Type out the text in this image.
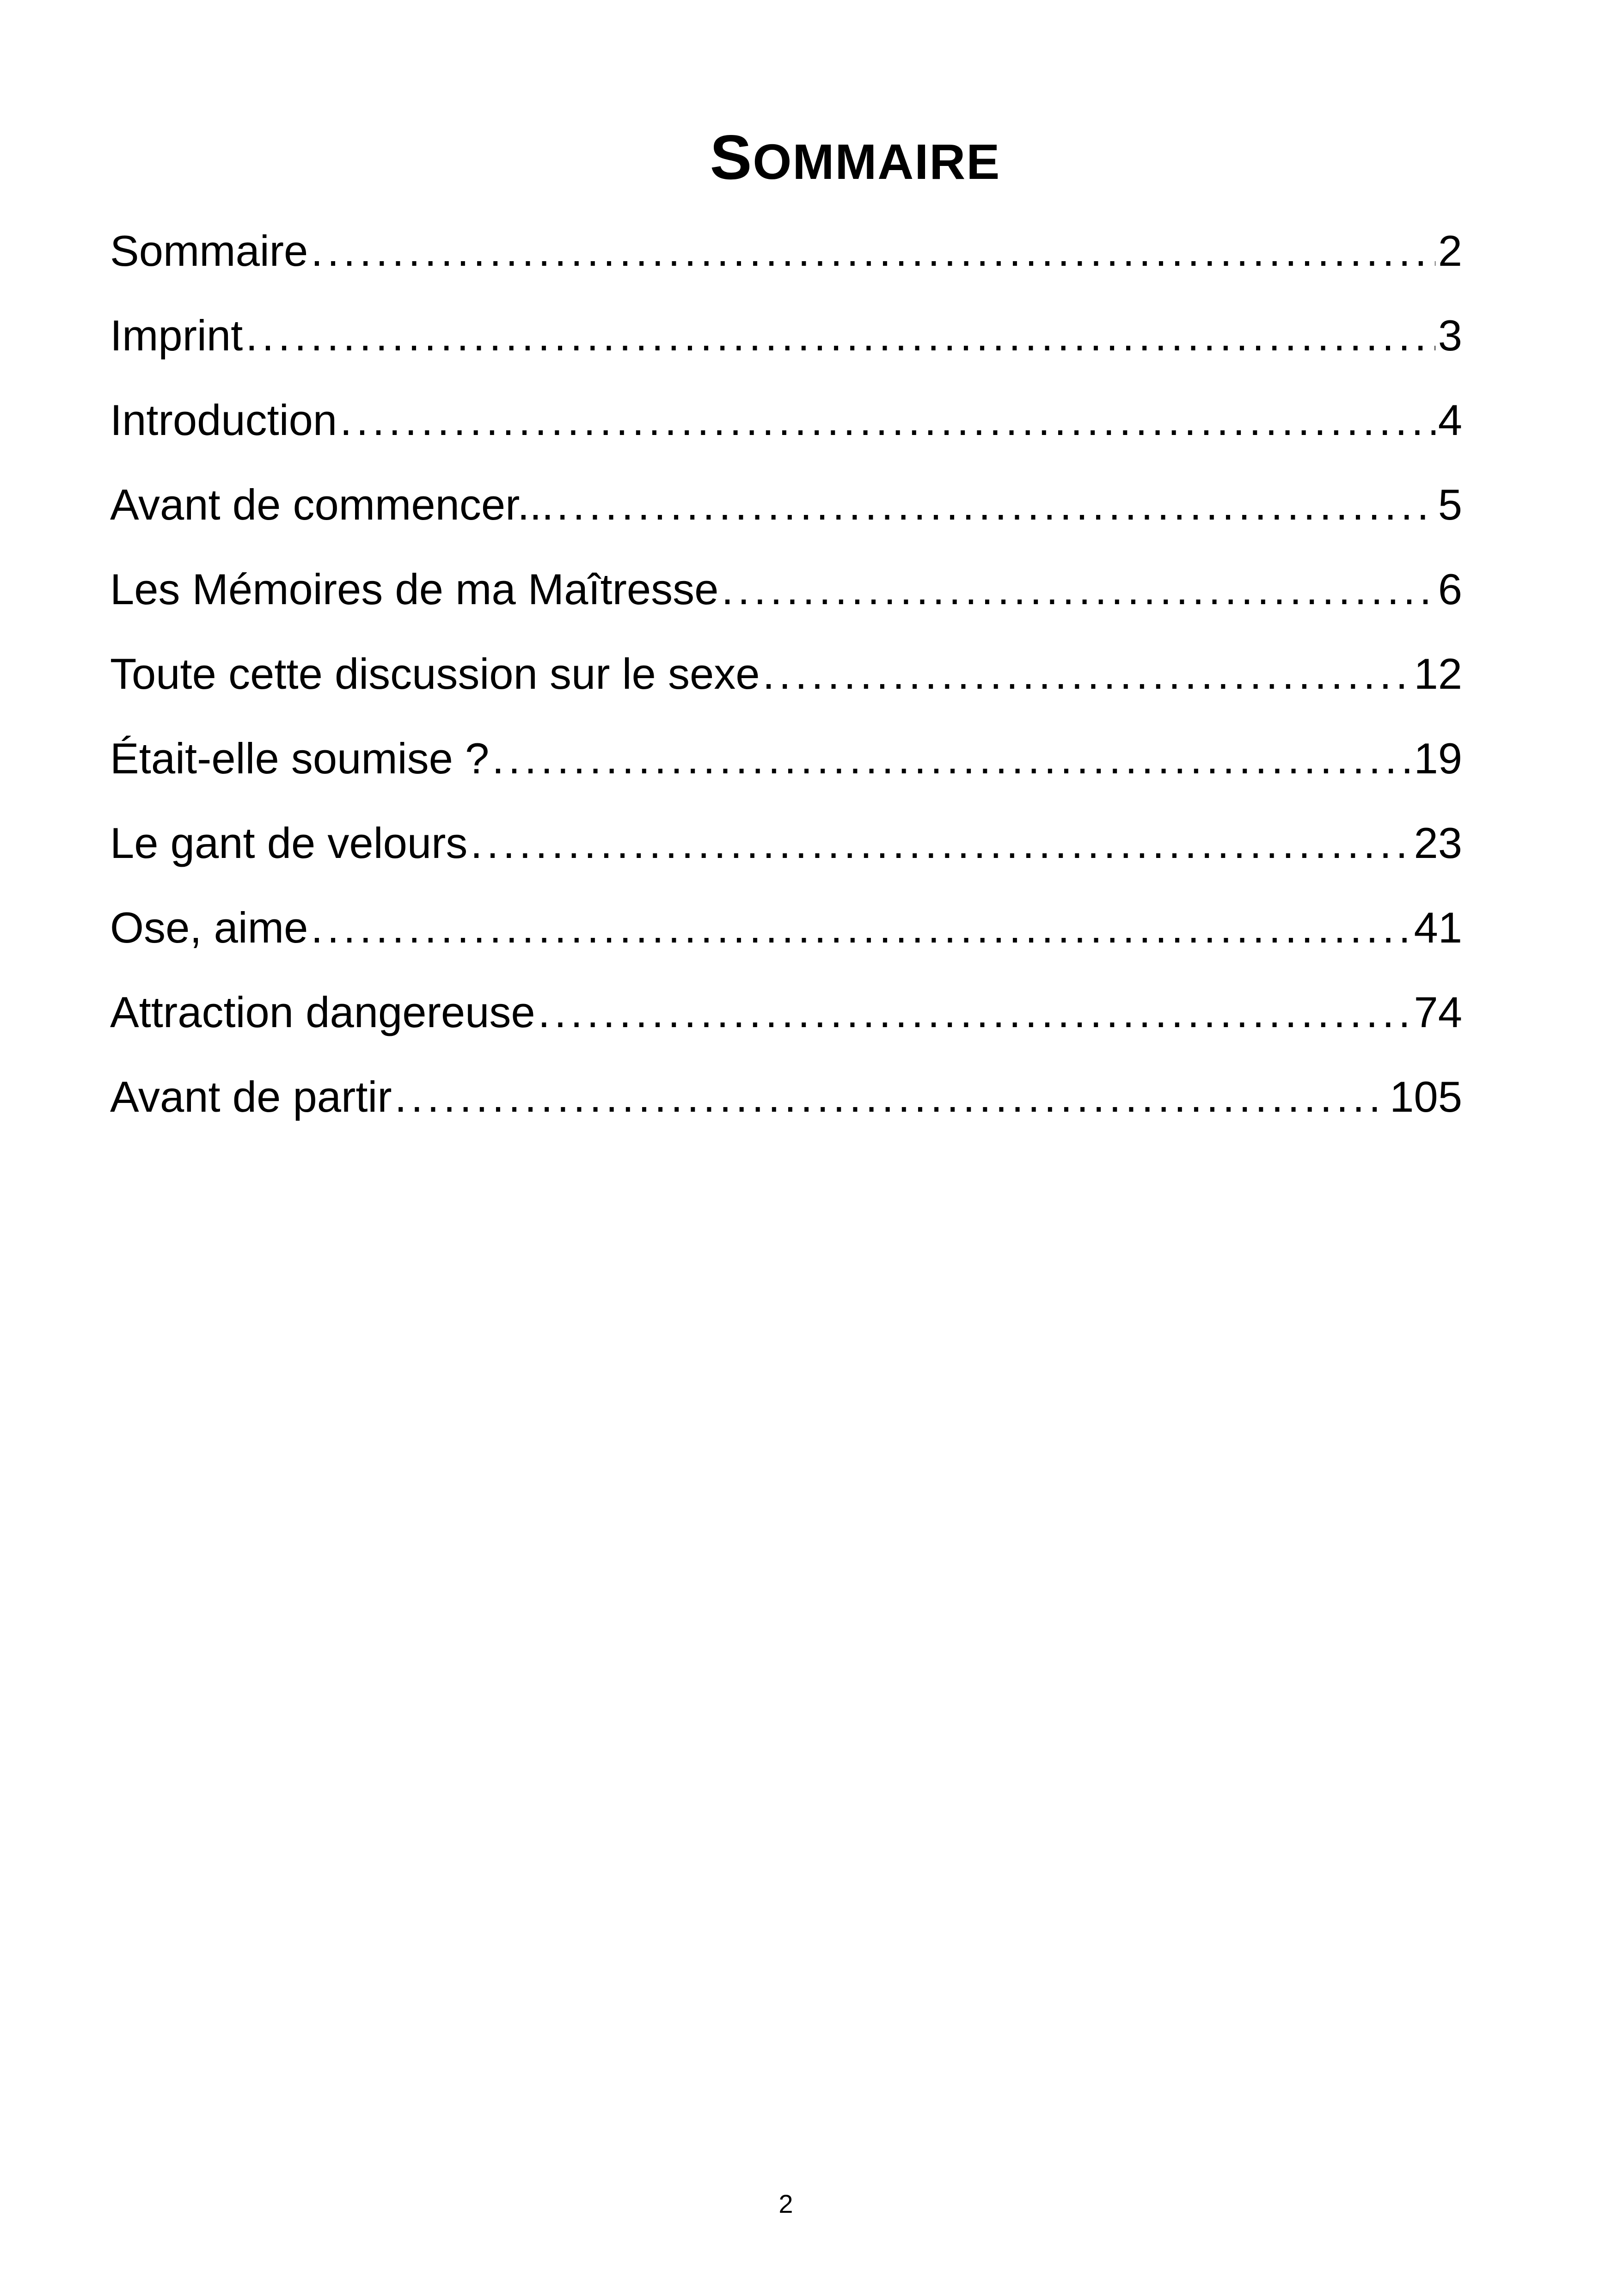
SOMMAIRE
Sommaire .....	2
Imprint .....	3
Introduction .....	4
Avant de commencer... .....	5
Les Mémoires de ma Maîtresse .....	6
Toute cette discussion sur le sexe .....	12
Était-elle soumise ? .....	19
Le gant de velours .....	23
Ose, aime .....	41
Attraction dangereuse .....	74
Avant de partir .....	105
2
